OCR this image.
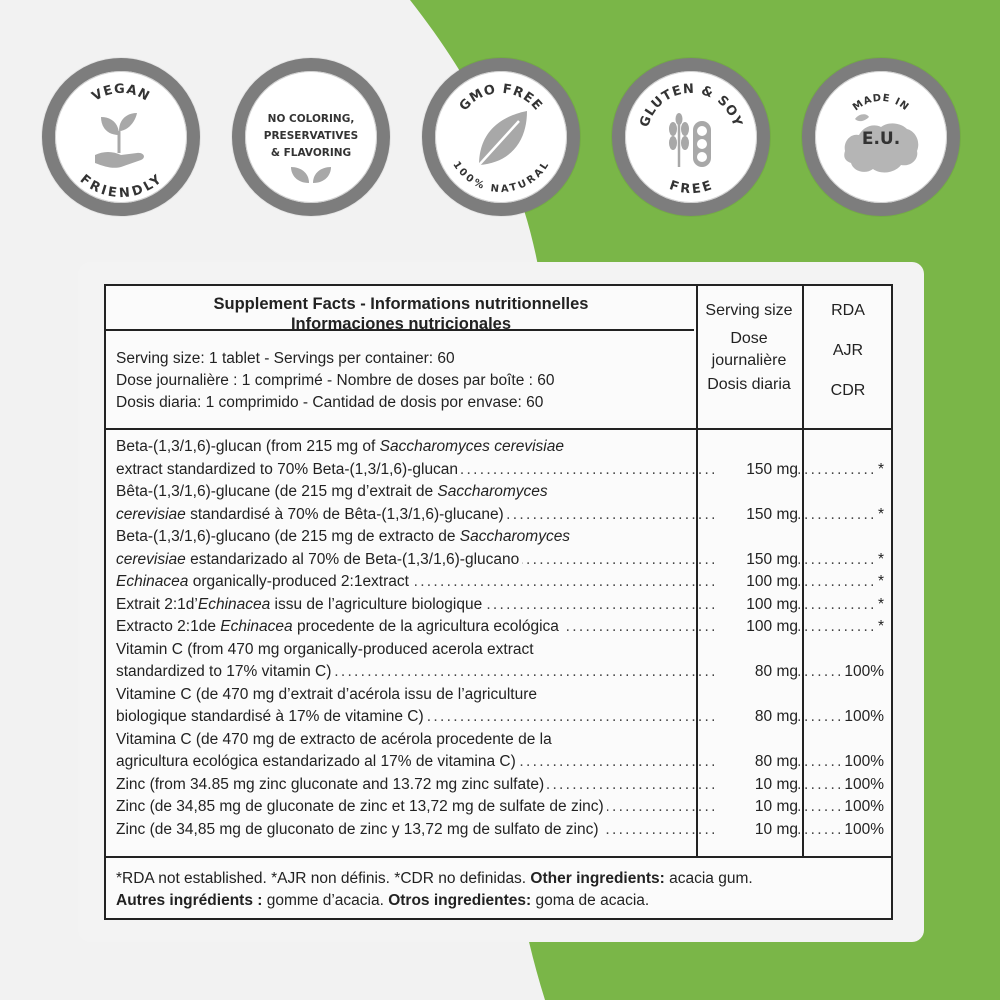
VEGAN
FRIENDLY
NO COLORING,
PRESERVATIVES
& FLAVORING
GMO FREE
100% NATURAL
GLUTEN & SOY
FREE
MADE IN
E.U.
Supplement Facts - Informations nutritionnelles
Informaciones nutricionales
Serving size: 1 tablet - Servings per container: 60
Dose journalière : 1 comprimé - Nombre de doses par boîte : 60
Dosis diaria: 1 comprimido - Cantidad de dosis por envase: 60
Serving size
Dose
journalière
Dosis diaria
RDA
AJR
CDR
Beta-(1,3/1,6)-glucan (from 215 mg of Saccharomyces cerevisiae
extract standardized to 70% Beta-(1,3/1,6)-glucan . . .	150 mg	. . . *
Bêta-(1,3/1,6)-glucane (de 215 mg d’extrait de Saccharomyces
cerevisiae standardisé à 70% de Bêta-(1,3/1,6)-glucane) . . .	150 mg	. . . *
Beta-(1,3/1,6)-glucano (de 215 mg de extracto de Saccharomyces
cerevisiae estandarizado al 70% de Beta-(1,3/1,6)-glucano . . .	150 mg	. . . *
Echinacea organically-produced 2:1extract . . .	100 mg	. . . *
Extrait 2:1d’Echinacea issu de l’agriculture biologique . . .	100 mg	. . . *
Extracto 2:1de Echinacea procedente de la agricultura ecológica . . .	100 mg	. . . *
Vitamin C (from 470 mg organically-produced acerola extract
standardized to 17% vitamin C) . . .	80 mg	. . . 100%
Vitamine C (de 470 mg d’extrait d’acérola issu de l’agriculture
biologique standardisé à 17% de vitamine C) . . .	80 mg	. . . 100%
Vitamina C (de 470 mg de extracto de acérola procedente de la
agricultura ecológica estandarizado al 17% de vitamina C) . . .	80 mg	. . . 100%
Zinc (from 34.85 mg zinc gluconate and 13.72 mg zinc sulfate) . . .	10 mg	. . . 100%
Zinc (de 34,85 mg de gluconate de zinc et 13,72 mg de sulfate de zinc) . . .	10 mg	. . . 100%
Zinc (de 34,85 mg de gluconato de zinc y 13,72 mg de sulfato de zinc) . . .	10 mg	. . . 100%
*RDA not established. *AJR non définis. *CDR no definidas. Other ingredients: acacia gum.
Autres ingrédients : gomme d’acacia. Otros ingredientes: goma de acacia.
